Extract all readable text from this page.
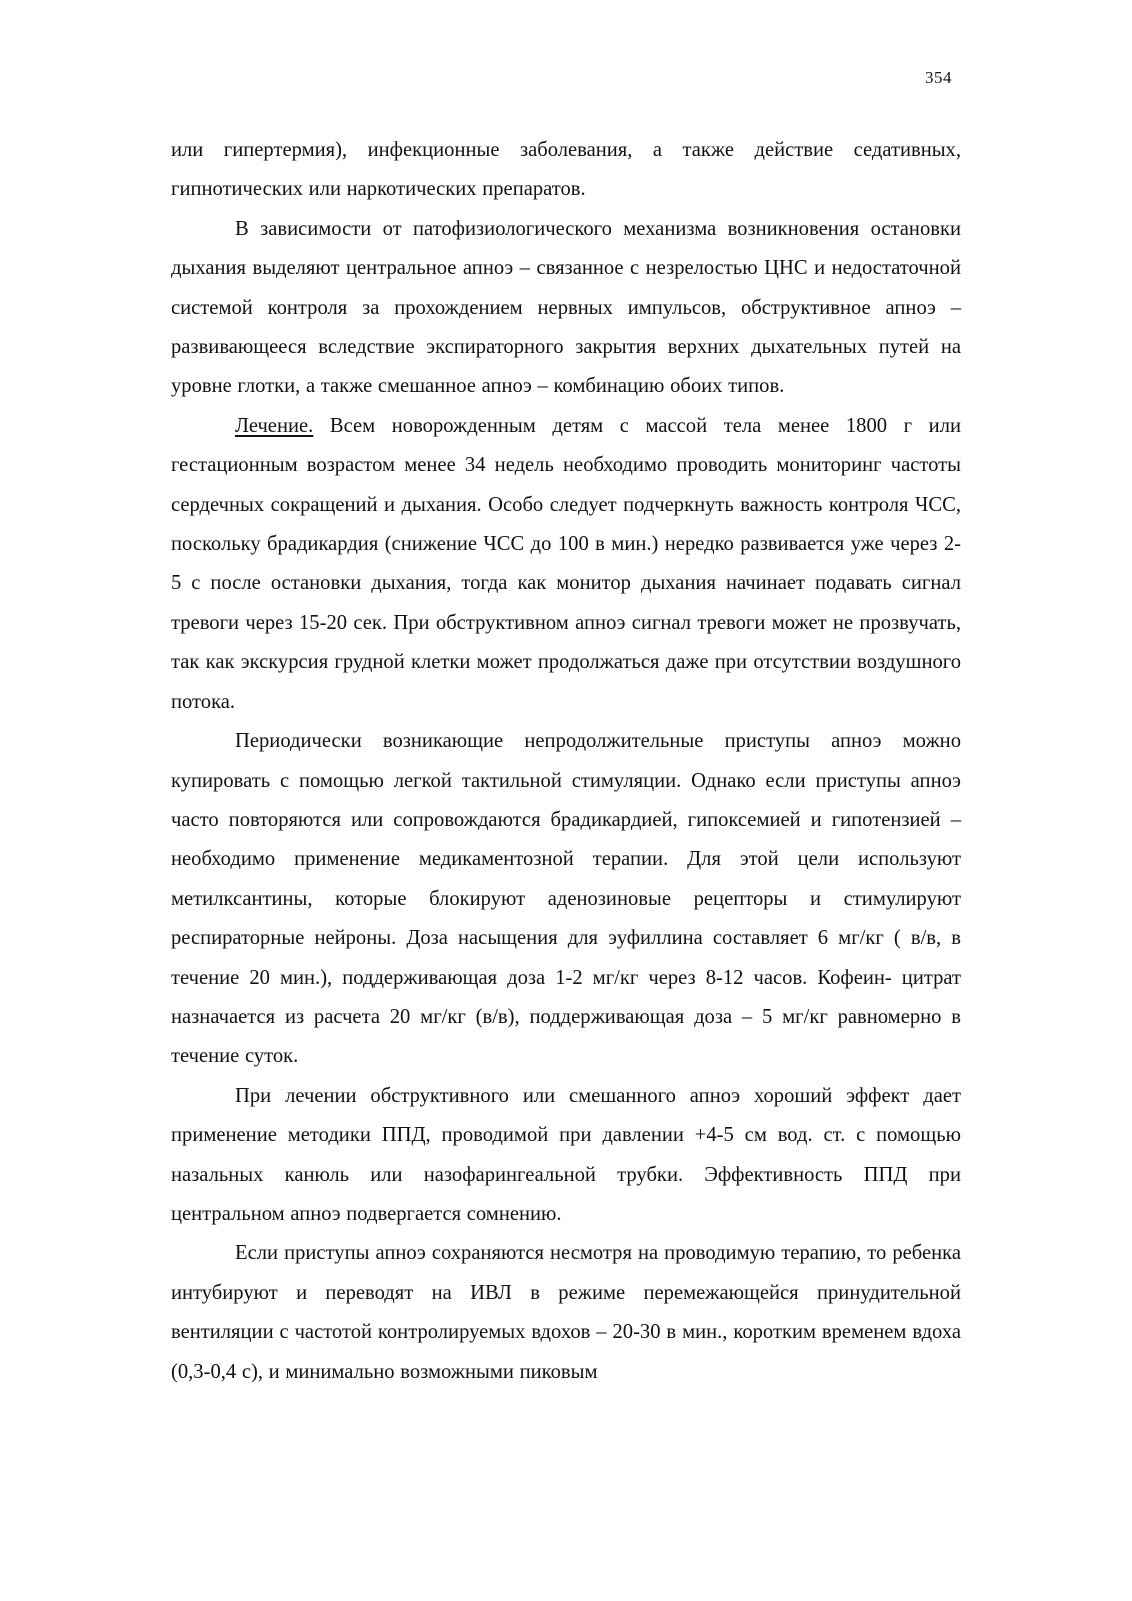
354

или гипертермия), инфекционные заболевания, а также действие седативных, гипнотических или наркотических препаратов.

В зависимости от патофизиологического механизма возникновения остановки дыхания выделяют центральное апноэ – связанное с незрелостью ЦНС и недостаточной системой контроля за прохождением нервных импульсов, обструктивное апноэ – развивающееся вследствие экспираторного закрытия верхних дыхательных путей на уровне глотки, а также смешанное апноэ – комбинацию обоих типов.

Лечение. Всем новорожденным детям с массой тела менее 1800 г или гестационным возрастом менее 34 недель необходимо проводить мониторинг частоты сердечных сокращений и дыхания. Особо следует подчеркнуть важность контроля ЧСС, поскольку брадикардия (снижение ЧСС до 100 в мин.) нередко развивается уже через 2-5 с после остановки дыхания, тогда как монитор дыхания начинает подавать сигнал тревоги через 15-20 сек. При обструктивном апноэ сигнал тревоги может не прозвучать, так как экскурсия грудной клетки может продолжаться даже при отсутствии воздушного потока.

Периодически возникающие непродолжительные приступы апноэ можно купировать с помощью легкой тактильной стимуляции. Однако если приступы апноэ часто повторяются или сопровождаются брадикардией, гипоксемией и гипотензией – необходимо применение медикаментозной терапии. Для этой цели используют метилксантины, которые блокируют аденозиновые рецепторы и стимулируют респираторные нейроны. Доза насыщения для эуфиллина составляет 6 мг/кг ( в/в, в течение 20 мин.), поддерживающая доза 1-2 мг/кг через 8-12 часов. Кофеин- цитрат назначается из расчета 20 мг/кг (в/в), поддерживающая доза – 5 мг/кг равномерно в течение суток.

При лечении обструктивного или смешанного апноэ хороший эффект дает применение методики ППД, проводимой при давлении +4-5 см вод. ст. с помощью назальных канюль или назофарингеальной трубки. Эффективность ППД при центральном апноэ подвергается сомнению.

Если приступы апноэ сохраняются несмотря на проводимую терапию, то ребенка интубируют и переводят на ИВЛ в режиме перемежающейся принудительной вентиляции с частотой контролируемых вдохов – 20-30 в мин., коротким временем вдоха (0,3-0,4 с), и минимально возможными пиковым
